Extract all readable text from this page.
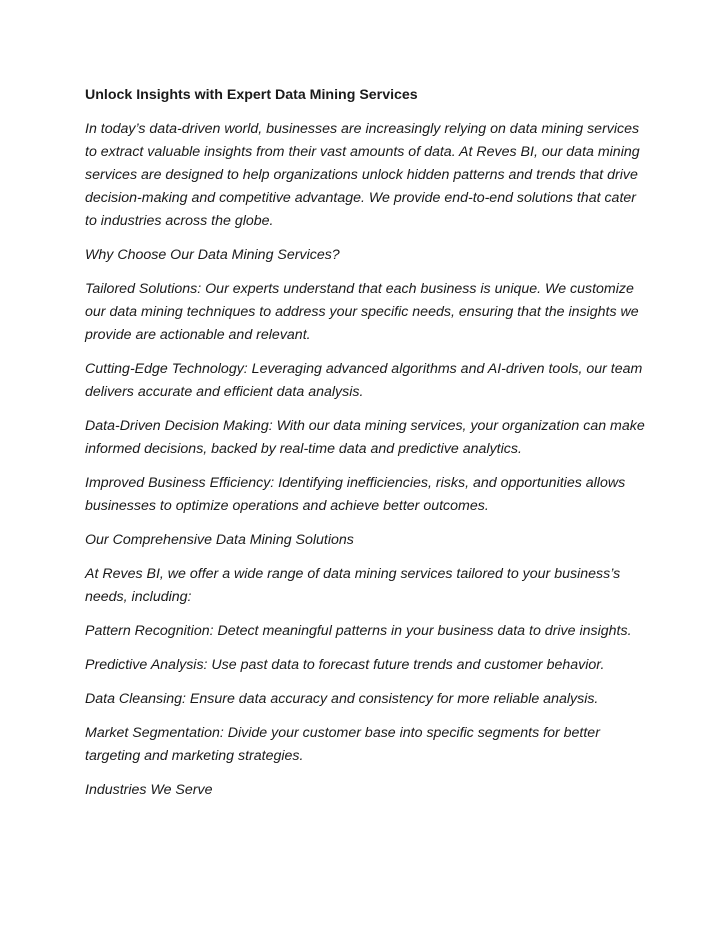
Unlock Insights with Expert Data Mining Services

In today’s data-driven world, businesses are increasingly relying on data mining services to extract valuable insights from their vast amounts of data. At Reves BI, our data mining services are designed to help organizations unlock hidden patterns and trends that drive decision-making and competitive advantage. We provide end-to-end solutions that cater to industries across the globe.

Why Choose Our Data Mining Services?

Tailored Solutions: Our experts understand that each business is unique. We customize our data mining techniques to address your specific needs, ensuring that the insights we provide are actionable and relevant.

Cutting-Edge Technology: Leveraging advanced algorithms and AI-driven tools, our team delivers accurate and efficient data analysis.

Data-Driven Decision Making: With our data mining services, your organization can make informed decisions, backed by real-time data and predictive analytics.

Improved Business Efficiency: Identifying inefficiencies, risks, and opportunities allows businesses to optimize operations and achieve better outcomes.

Our Comprehensive Data Mining Solutions

At Reves BI, we offer a wide range of data mining services tailored to your business’s needs, including:

Pattern Recognition: Detect meaningful patterns in your business data to drive insights.

Predictive Analysis: Use past data to forecast future trends and customer behavior.

Data Cleansing: Ensure data accuracy and consistency for more reliable analysis.

Market Segmentation: Divide your customer base into specific segments for better targeting and marketing strategies.

Industries We Serve
